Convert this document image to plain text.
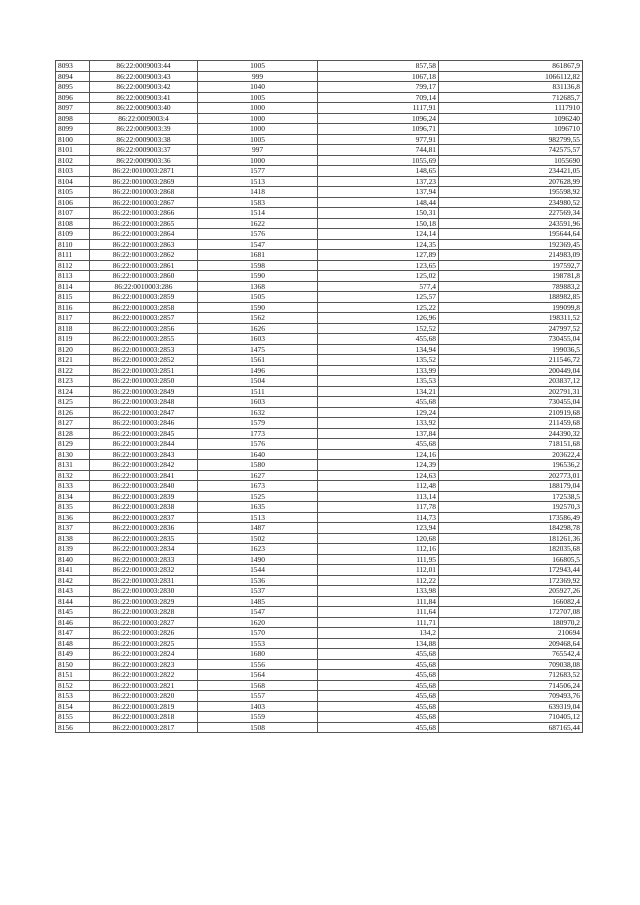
8093	86:22:0009003:44	1005	857,58	861867,9
8094	86:22:0009003:43	999	1067,18	1066112,82
8095	86:22:0009003:42	1040	799,17	831136,8
8096	86:22:0009003:41	1005	709,14	712685,7
8097	86:22:0009003:40	1000	1117,91	1117910
8098	86:22:0009003:4	1000	1096,24	1096240
8099	86:22:0009003:39	1000	1096,71	1096710
8100	86:22:0009003:38	1005	977,91	982799,55
8101	86:22:0009003:37	997	744,81	742575,57
8102	86:22:0009003:36	1000	1055,69	1055690
8103	86:22:0010003:2871	1577	148,65	234421,05
8104	86:22:0010003:2869	1513	137,23	207628,99
8105	86:22:0010003:2868	1418	137,94	195598,92
8106	86:22:0010003:2867	1583	148,44	234980,52
8107	86:22:0010003:2866	1514	150,31	227569,34
8108	86:22:0010003:2865	1622	150,18	243591,96
8109	86:22:0010003:2864	1576	124,14	195644,64
8110	86:22:0010003:2863	1547	124,35	192369,45
8111	86:22:0010003:2862	1681	127,89	214983,09
8112	86:22:0010003:2861	1598	123,65	197592,7
8113	86:22:0010003:2860	1590	125,02	198781,8
8114	86:22:0010003:286	1368	577,4	789883,2
8115	86:22:0010003:2859	1505	125,57	188982,85
8116	86:22:0010003:2858	1590	125,22	199099,8
8117	86:22:0010003:2857	1562	126,96	198311,52
8118	86:22:0010003:2856	1626	152,52	247997,52
8119	86:22:0010003:2855	1603	455,68	730455,04
8120	86:22:0010003:2853	1475	134,94	199036,5
8121	86:22:0010003:2852	1561	135,52	211546,72
8122	86:22:0010003:2851	1496	133,99	200449,04
8123	86:22:0010003:2850	1504	135,53	203837,12
8124	86:22:0010003:2849	1511	134,21	202791,31
8125	86:22:0010003:2848	1603	455,68	730455,04
8126	86:22:0010003:2847	1632	129,24	210919,68
8127	86:22:0010003:2846	1579	133,92	211459,68
8128	86:22:0010003:2845	1773	137,84	244390,32
8129	86:22:0010003:2844	1576	455,68	718151,68
8130	86:22:0010003:2843	1640	124,16	203622,4
8131	86:22:0010003:2842	1580	124,39	196536,2
8132	86:22:0010003:2841	1627	124,63	202773,01
8133	86:22:0010003:2840	1673	112,48	188179,04
8134	86:22:0010003:2839	1525	113,14	172538,5
8135	86:22:0010003:2838	1635	117,78	192570,3
8136	86:22:0010003:2837	1513	114,73	173586,49
8137	86:22:0010003:2836	1487	123,94	184298,78
8138	86:22:0010003:2835	1502	120,68	181261,36
8139	86:22:0010003:2834	1623	112,16	182035,68
8140	86:22:0010003:2833	1490	111,95	166805,5
8141	86:22:0010003:2832	1544	112,01	172943,44
8142	86:22:0010003:2831	1536	112,22	172369,92
8143	86:22:0010003:2830	1537	133,98	205927,26
8144	86:22:0010003:2829	1485	111,84	166082,4
8145	86:22:0010003:2828	1547	111,64	172707,08
8146	86:22:0010003:2827	1620	111,71	180970,2
8147	86:22:0010003:2826	1570	134,2	210694
8148	86:22:0010003:2825	1553	134,88	209468,64
8149	86:22:0010003:2824	1680	455,68	765542,4
8150	86:22:0010003:2823	1556	455,68	709038,08
8151	86:22:0010003:2822	1564	455,68	712683,52
8152	86:22:0010003:2821	1568	455,68	714506,24
8153	86:22:0010003:2820	1557	455,68	709493,76
8154	86:22:0010003:2819	1403	455,68	639319,04
8155	86:22:0010003:2818	1559	455,68	710405,12
8156	86:22:0010003:2817	1508	455,68	687165,44
